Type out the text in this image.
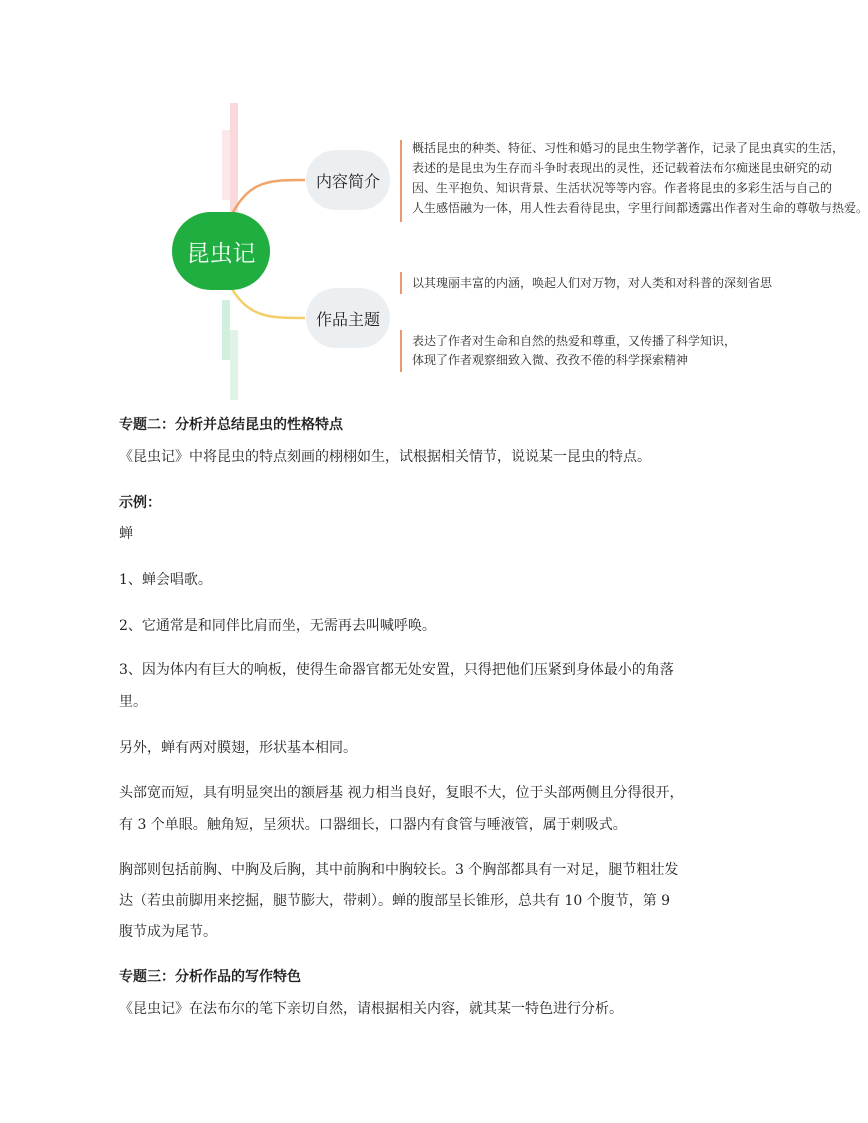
昆虫记
内容简介
作品主题
概括昆虫的种类、特征、习性和婚习的昆虫生物学著作，记录了昆虫真实的生活，
表述的是昆虫为生存而斗争时表现出的灵性，还记载着法布尔痴迷昆虫研究的动
因、生平抱负、知识背景、生活状况等等内容。作者将昆虫的多彩生活与自己的
人生感悟融为一体，用人性去看待昆虫，字里行间都透露出作者对生命的尊敬与热爱。
以其瑰丽丰富的内涵，唤起人们对万物，对人类和对科普的深刻省思
表达了作者对生命和自然的热爱和尊重，又传播了科学知识，
体现了作者观察细致入微、孜孜不倦的科学探索精神
专题二：分析并总结昆虫的性格特点
《昆虫记》中将昆虫的特点刻画的栩栩如生，试根据相关情节，说说某一昆虫的特点。
示例：
蝉
1、蝉会唱歌。
2、它通常是和同伴比肩而坐，无需再去叫喊呼唤。
3、因为体内有巨大的响板，使得生命器官都无处安置，只得把他们压紧到身体最小的角落
里。
另外，蝉有两对膜翅，形状基本相同。
头部宽而短，具有明显突出的额唇基 视力相当良好，复眼不大，位于头部两侧且分得很开，
有 3 个单眼。触角短，呈须状。口器细长，口器内有食管与唾液管，属于刺吸式。
胸部则包括前胸、中胸及后胸，其中前胸和中胸较长。3 个胸部都具有一对足，腿节粗壮发
达（若虫前脚用来挖掘，腿节膨大，带刺）。蝉的腹部呈长锥形，总共有 10 个腹节，第 9
腹节成为尾节。
专题三：分析作品的写作特色
《昆虫记》在法布尔的笔下亲切自然，请根据相关内容，就其某一特色进行分析。
